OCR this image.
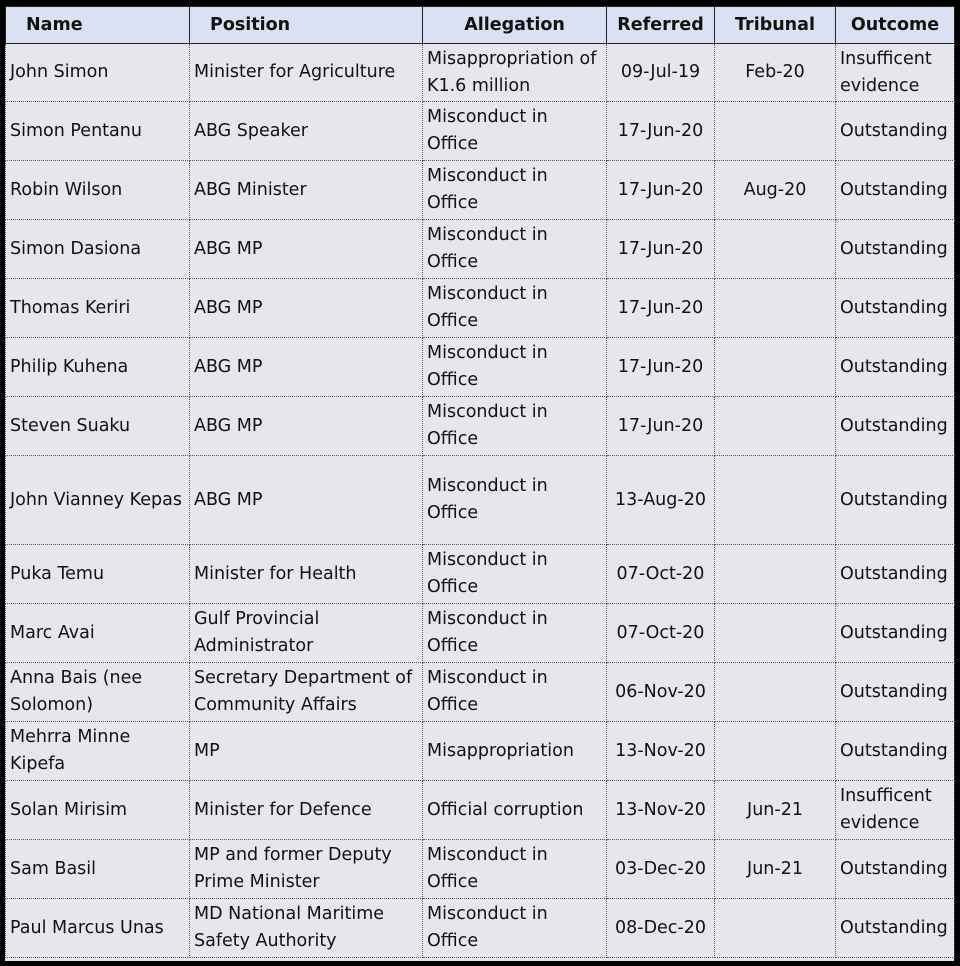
Name	Position	Allegation	Referred	Tribunal	Outcome
John Simon	Minister for Agriculture	Misappropriation of K1.6 million	09-Jul-19	Feb-20	Insufficent evidence
Simon Pentanu	ABG Speaker	Misconduct in Office	17-Jun-20		Outstanding
Robin Wilson	ABG Minister	Misconduct in Office	17-Jun-20	Aug-20	Outstanding
Simon Dasiona	ABG MP	Misconduct in Office	17-Jun-20		Outstanding
Thomas Keriri	ABG MP	Misconduct in Office	17-Jun-20		Outstanding
Philip Kuhena	ABG MP	Misconduct in Office	17-Jun-20		Outstanding
Steven Suaku	ABG MP	Misconduct in Office	17-Jun-20		Outstanding
John Vianney Kepas	ABG MP	Misconduct in Office	13-Aug-20		Outstanding
Puka Temu	Minister for Health	Misconduct in Office	07-Oct-20		Outstanding
Marc Avai	Gulf Provincial Administrator	Misconduct in Office	07-Oct-20		Outstanding
Anna Bais (nee Solomon)	Secretary Department of Community Affairs	Misconduct in Office	06-Nov-20		Outstanding
Mehrra Minne Kipefa	MP	Misappropriation	13-Nov-20		Outstanding
Solan Mirisim	Minister for Defence	Official corruption	13-Nov-20	Jun-21	Insufficent evidence
Sam Basil	MP and former Deputy Prime Minister	Misconduct in Office	03-Dec-20	Jun-21	Outstanding
Paul Marcus Unas	MD National Maritime Safety Authority	Misconduct in Office	08-Dec-20		Outstanding
